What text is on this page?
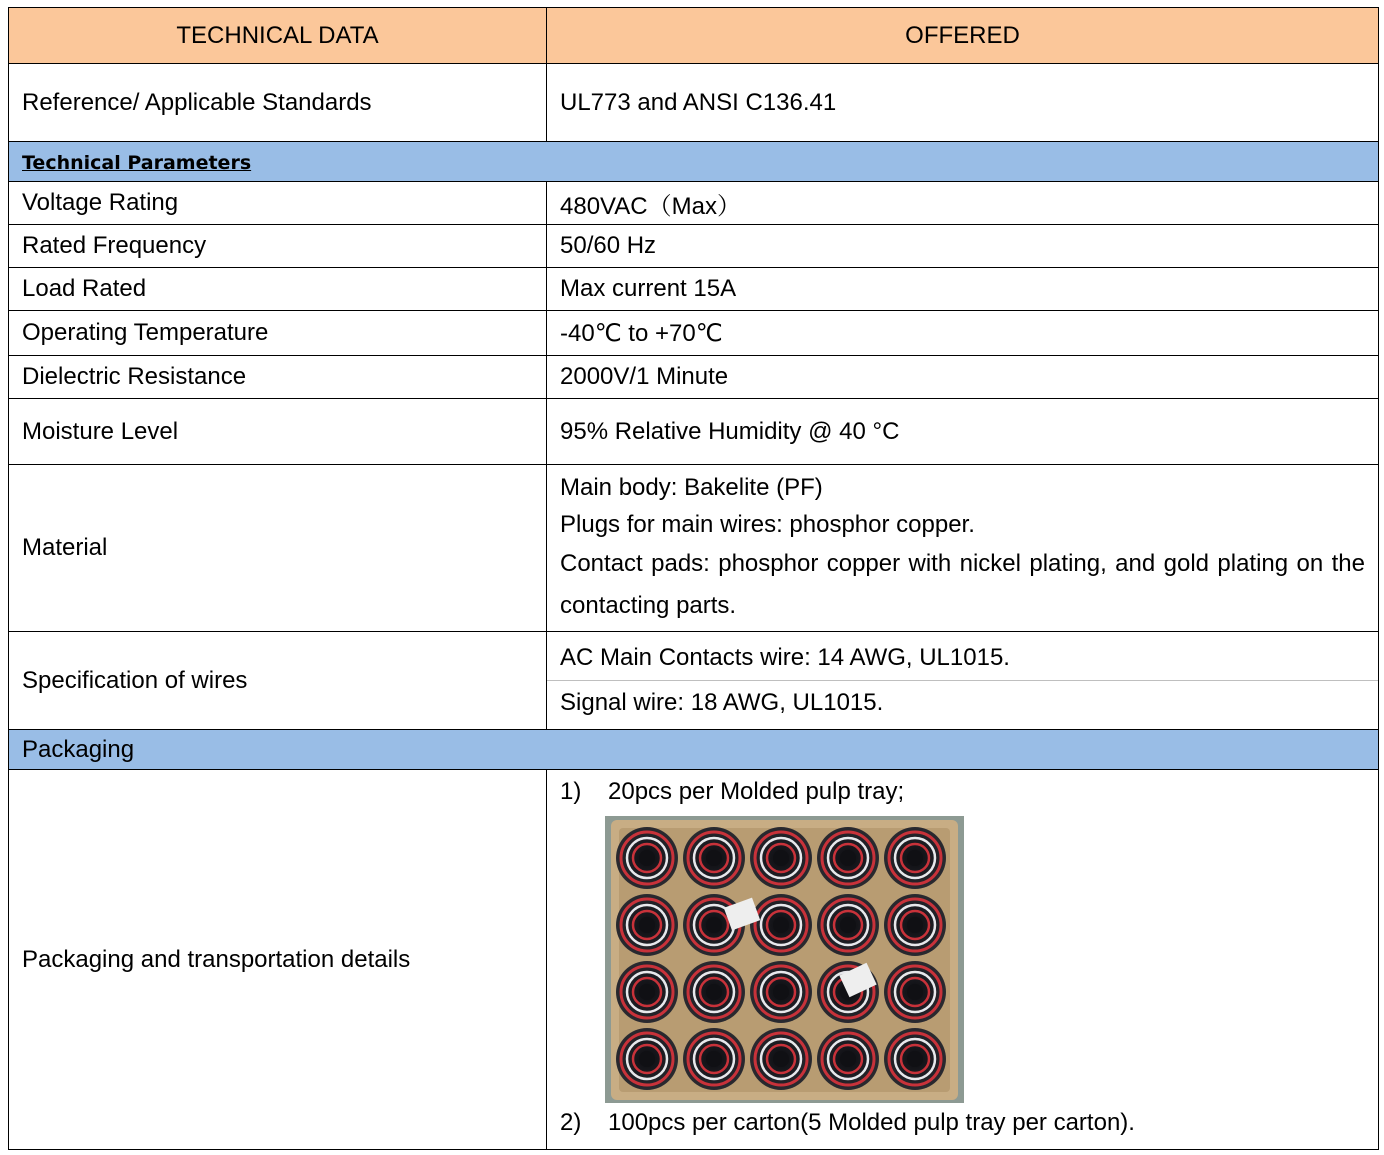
TECHNICAL DATA	OFFERED
Reference/ Applicable Standards	UL773 and ANSI C136.41
Technical Parameters	
Voltage Rating	480VAC（Max）
Rated Frequency	50/60 Hz
Load Rated	Max current 15A
Operating Temperature	-40℃ to +70℃
Dielectric Resistance	2000V/1 Minute
Moisture Level	95% Relative Humidity @ 40 °C
Material	Main body: Bakelite (PF)
Plugs for main wires: phosphor copper.
Contact pads: phosphor copper with nickel plating, and gold plating on the contacting parts.

Specification of wires	AC Main Contacts wire: 14 AWG, UL1015.
Signal wire: 18 AWG, UL1015.

Packaging	
Packaging and transportation details	1) 20pcs per Molded pulp tray;
2) 100pcs per carton(5 Molded pulp tray per carton).
